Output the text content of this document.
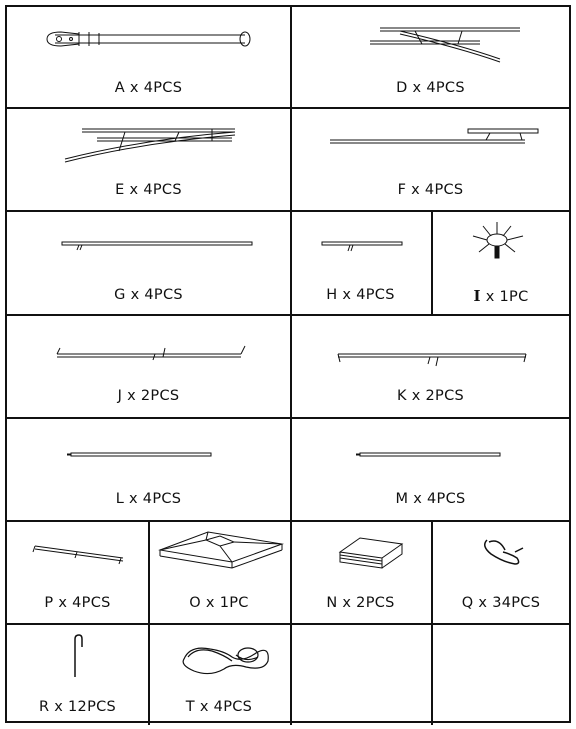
A x 4PCS	D x 4PCS
E x 4PCS	F x 4PCS
G x 4PCS	H x 4PCS	I x 1PC
J x 2PCS	K x 2PCS
L x 4PCS	M x 4PCS
P x 4PCS	O x 1PC	N x 2PCS	Q x 34PCS
R x 12PCS	T x 4PCS
